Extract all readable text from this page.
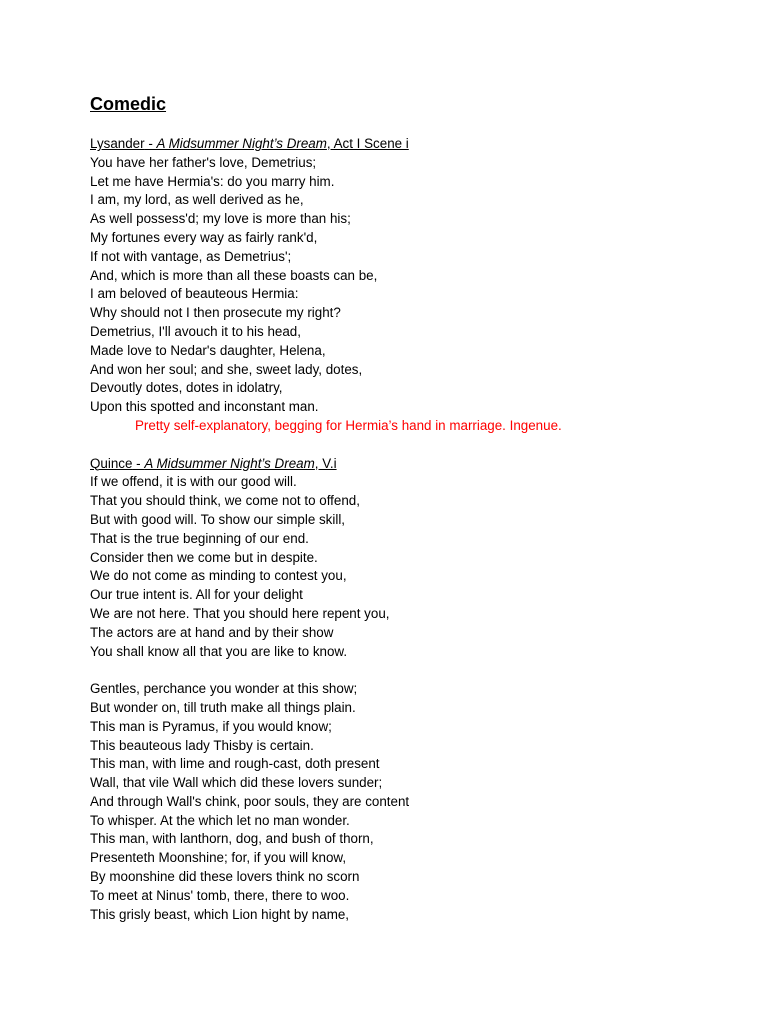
Comedic
Lysander - A Midsummer Night’s Dream, Act I Scene i
You have her father's love, Demetrius;
Let me have Hermia's: do you marry him.
I am, my lord, as well derived as he,
As well possess'd; my love is more than his;
My fortunes every way as fairly rank'd,
If not with vantage, as Demetrius';
And, which is more than all these boasts can be,
I am beloved of beauteous Hermia:
Why should not I then prosecute my right?
Demetrius, I'll avouch it to his head,
Made love to Nedar's daughter, Helena,
And won her soul; and she, sweet lady, dotes,
Devoutly dotes, dotes in idolatry,
Upon this spotted and inconstant man.
Pretty self-explanatory, begging for Hermia’s hand in marriage. Ingenue.
Quince - A Midsummer Night’s Dream, V.i
If we offend, it is with our good will.
That you should think, we come not to offend,
But with good will. To show our simple skill,
That is the true beginning of our end.
Consider then we come but in despite.
We do not come as minding to contest you,
Our true intent is. All for your delight
We are not here. That you should here repent you,
The actors are at hand and by their show
You shall know all that you are like to know.
Gentles, perchance you wonder at this show;
But wonder on, till truth make all things plain.
This man is Pyramus, if you would know;
This beauteous lady Thisby is certain.
This man, with lime and rough-cast, doth present
Wall, that vile Wall which did these lovers sunder;
And through Wall's chink, poor souls, they are content
To whisper. At the which let no man wonder.
This man, with lanthorn, dog, and bush of thorn,
Presenteth Moonshine; for, if you will know,
By moonshine did these lovers think no scorn
To meet at Ninus' tomb, there, there to woo.
This grisly beast, which Lion hight by name,
